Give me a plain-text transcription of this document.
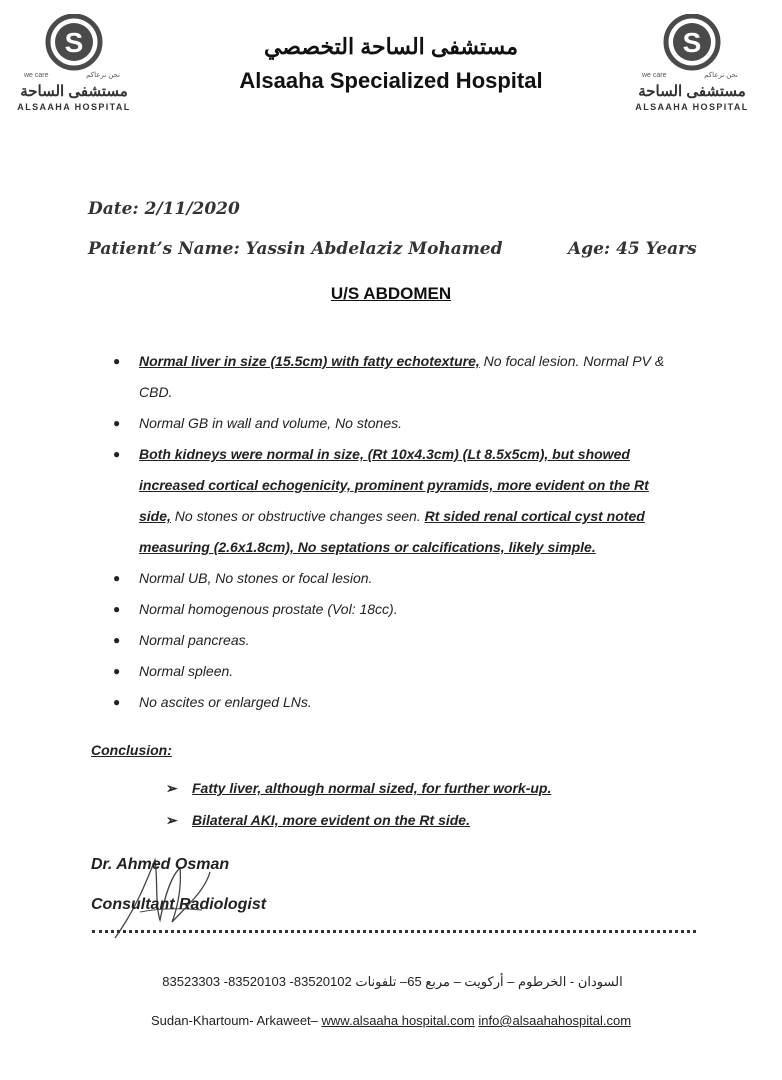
S
we care	نحن نرعاكم
مستشفى الساحة
ALSAAHA HOSPITAL
S
we care	نحن نرعاكم
مستشفى الساحة
ALSAAHA HOSPITAL
مستشفى الساحة التخصصي
Alsaaha Specialized Hospital
Date: 2/11/2020
Patient’s Name: Yassin Abdelaziz Mohamed	Age: 45 Years
U/S ABDOMEN
● Normal liver in size (15.5cm) with fatty echotexture, No focal lesion. Normal PV & CBD.
● Normal GB in wall and volume, No stones.
● Both kidneys were normal in size, (Rt 10x4.3cm) (Lt 8.5x5cm), but showed increased cortical echogenicity, prominent pyramids, more evident on the Rt side, No stones or obstructive changes seen. Rt sided renal cortical cyst noted measuring (2.6x1.8cm), No septations or calcifications, likely simple.
● Normal UB, No stones or focal lesion.
● Normal homogenous prostate (Vol: 18cc).
● Normal pancreas.
● Normal spleen.
● No ascites or enlarged LNs.
Conclusion:
➢ Fatty liver, although normal sized, for further work-up.
➢ Bilateral AKI, more evident on the Rt side.
Dr. Ahmed Osman
Consultant Radiologist
السودان - الخرطوم – أركويت – مربع 65– تلفونات 83520102- 83520103- 83523303
Sudan-Khartoum- Arkaweet– www.alsaaha hospital.com info@alsaahahospital.com
